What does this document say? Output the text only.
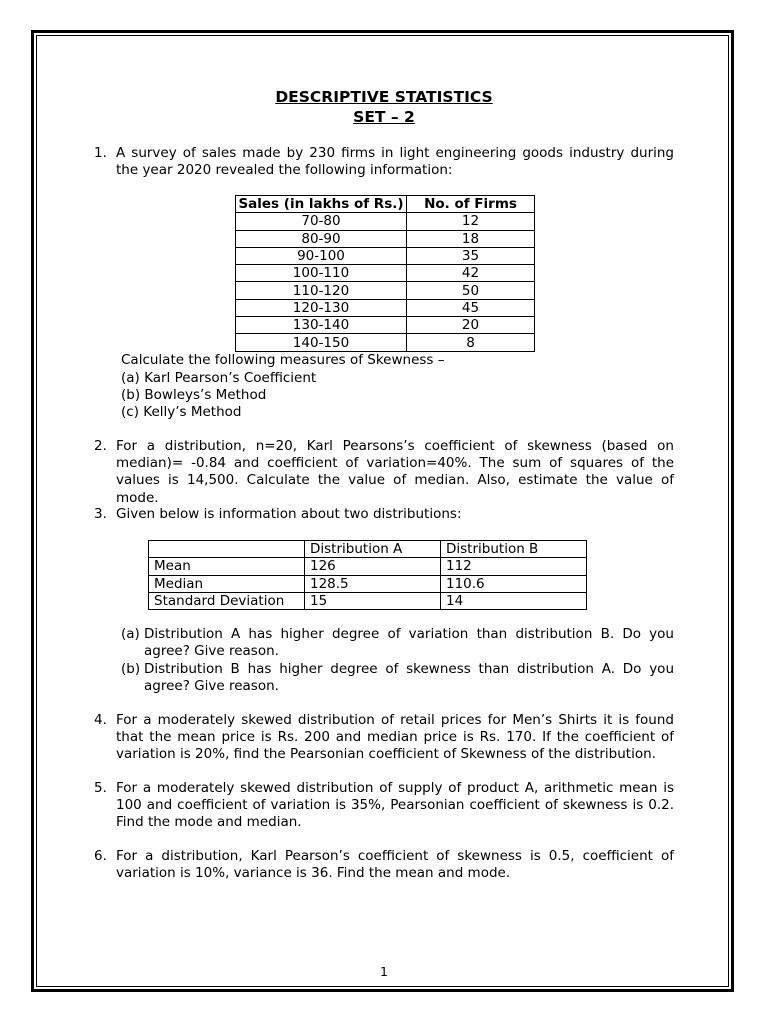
DESCRIPTIVE STATISTICS
SET – 2
1. A survey of sales made by 230 firms in light engineering goods industry during the year 2020 revealed the following information:
Sales (in lakhs of Rs.)	No. of Firms
70-80	12
80-90	18
90-100	35
100-110	42
110-120	50
120-130	45
130-140	20
140-150	8
Calculate the following measures of Skewness –
(a) Karl Pearson’s Coefficient
(b) Bowleys’s Method
(c) Kelly’s Method
2. For a distribution, n=20, Karl Pearsons’s coefficient of skewness (based on median)= -0.84 and coefficient of variation=40%. The sum of squares of the values is 14,500. Calculate the value of median. Also, estimate the value of mode.
3. Given below is information about two distributions:
	Distribution A	Distribution B
Mean	126	112
Median	128.5	110.6
Standard Deviation	15	14
(a) Distribution A has higher degree of variation than distribution B. Do you agree? Give reason.
(b) Distribution B has higher degree of skewness than distribution A. Do you agree? Give reason.
4. For a moderately skewed distribution of retail prices for Men’s Shirts it is found that the mean price is Rs. 200 and median price is Rs. 170. If the coefficient of variation is 20%, find the Pearsonian coefficient of Skewness of the distribution.
5. For a moderately skewed distribution of supply of product A, arithmetic mean is 100 and coefficient of variation is 35%, Pearsonian coefficient of skewness is 0.2. Find the mode and median.
6. For a distribution, Karl Pearson’s coefficient of skewness is 0.5, coefficient of variation is 10%, variance is 36. Find the mean and mode.
1
